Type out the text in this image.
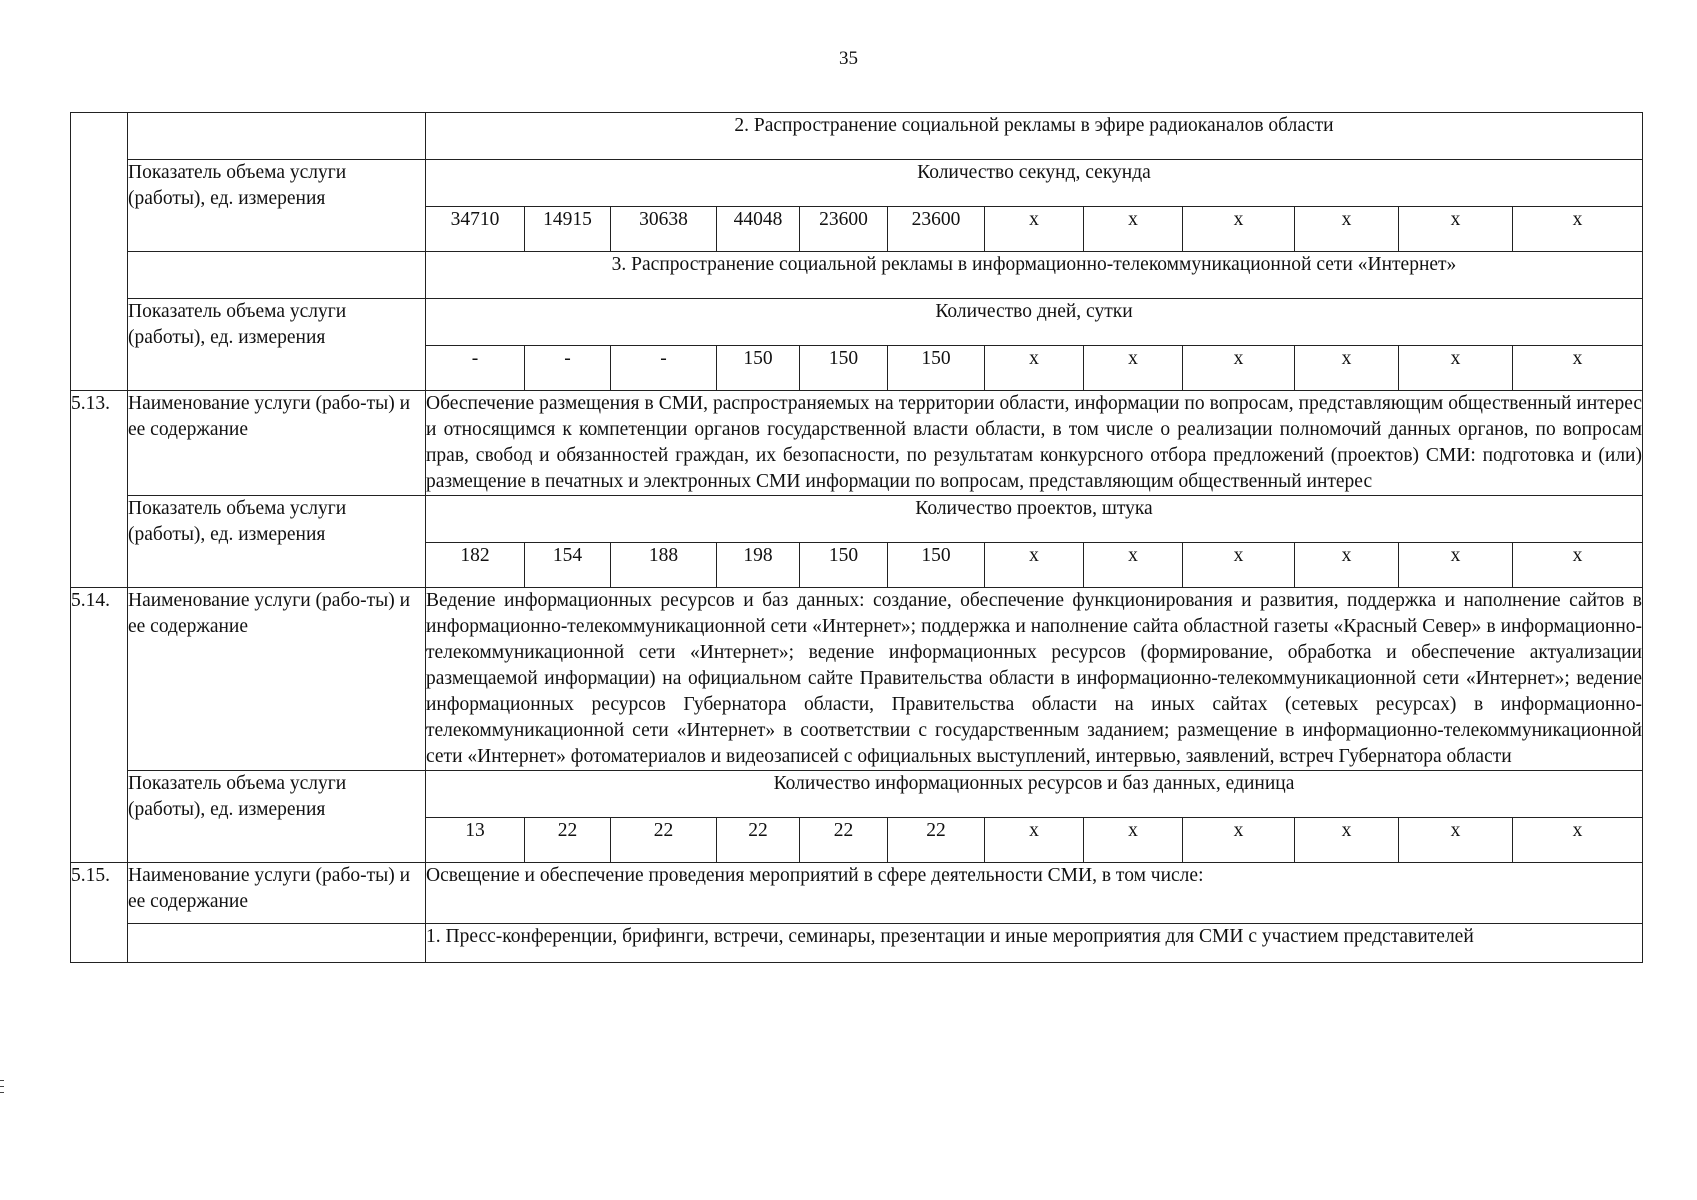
35
		2. Распространение социальной рекламы в эфире радиоканалов области											
	Показатель объема услуги (работы), ед. измерения	Количество секунд, секунда											
		34710	14915	30638	44048	23600	23600	x	x	x	x	x	x
		3. Распространение социальной рекламы в информационно-телекоммуникационной сети «Интернет»											
	Показатель объема услуги (работы), ед. измерения	Количество дней, сутки											
		-	-	-	150	150	150	x	x	x	x	x	x
5.13.	Наименование услуги (рабо-ты) и ее содержание	Обеспечение размещения в СМИ, распространяемых на территории области, информации по вопросам, представляющим общественный интерес и относящимся к компетенции органов государственной власти области, в том числе о реализации полномочий данных органов, по вопросам прав, свобод и обязанностей граждан, их безопасности, по результатам конкурсного отбора предложений (проектов) СМИ: подготовка и (или) размещение в печатных и электронных СМИ информации по вопросам, представляющим общественный интерес											
	Показатель объема услуги (работы), ед. измерения	Количество проектов, штука											
		182	154	188	198	150	150	x	x	x	x	x	x
5.14.	Наименование услуги (рабо-ты) и ее содержание	Ведение информационных ресурсов и баз данных: создание, обеспечение функционирования и развития, поддержка и наполнение сайтов в информационно-телекоммуникационной сети «Интернет»; поддержка и наполнение сайта областной газеты «Красный Север» в информационно-телекоммуникационной сети «Интернет»; ведение информационных ресурсов (формирование, обработка и обеспечение актуализации размещаемой информации) на официальном сайте Правительства области в информационно-телекоммуникационной сети «Интернет»; ведение информационных ресурсов Губернатора области, Правительства области на иных сайтах (сетевых ресурсах) в информационно-телекоммуникационной сети «Интернет» в соответствии с государственным заданием; размещение в информационно-телекоммуникационной сети «Интернет» фотоматериалов и видеозаписей с официальных выступлений, интервью, заявлений, встреч Губернатора области											
	Показатель объема услуги (работы), ед. измерения	Количество информационных ресурсов и баз данных, единица											
		13	22	22	22	22	22	x	x	x	x	x	x
5.15.	Наименование услуги (рабо-ты) и ее содержание	Освещение и обеспечение проведения мероприятий в сфере деятельности СМИ, в том числе:											
		1. Пресс-конференции, брифинги, встречи, семинары, презентации и иные мероприятия для СМИ с участием представителей											
